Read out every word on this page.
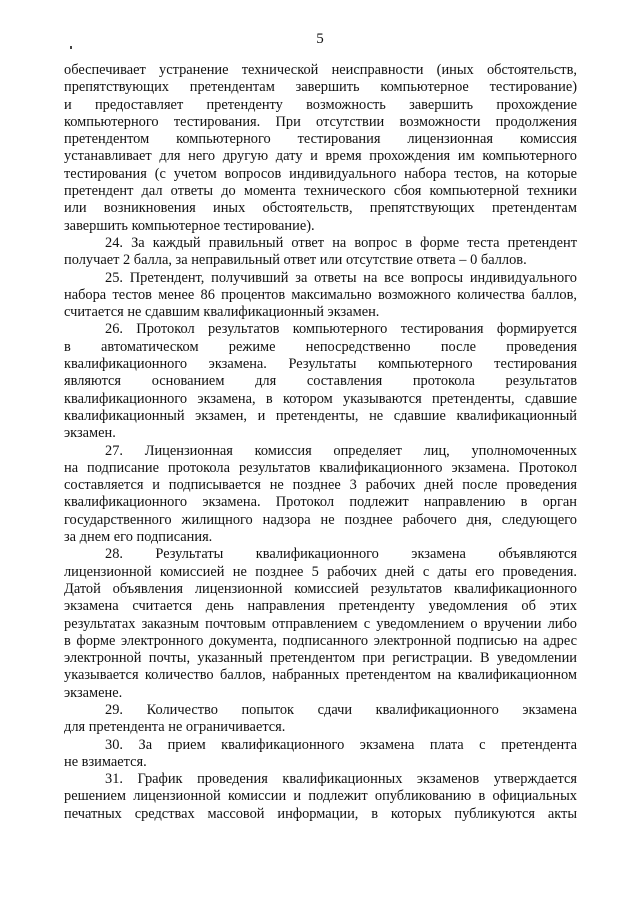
5
обеспечивает устранение технической неисправности (иных обстоятельств,
препятствующих претендентам завершить компьютерное тестирование)
и предоставляет претенденту возможность завершить прохождение
компьютерного тестирования. При отсутствии возможности продолжения
претендентом компьютерного тестирования лицензионная комиссия
устанавливает для него другую дату и время прохождения им компьютерного
тестирования (с учетом вопросов индивидуального набора тестов, на которые
претендент дал ответы до момента технического сбоя компьютерной техники
или возникновения иных обстоятельств, препятствующих претендентам
завершить компьютерное тестирование).
24. За каждый правильный ответ на вопрос в форме теста претендент
получает 2 балла, за неправильный ответ или отсутствие ответа – 0 баллов.
25. Претендент, получивший за ответы на все вопросы индивидуального
набора тестов менее 86 процентов максимально возможного количества баллов,
считается не сдавшим квалификационный экзамен.
26. Протокол результатов компьютерного тестирования формируется
в автоматическом режиме непосредственно после проведения
квалификационного экзамена. Результаты компьютерного тестирования
являются основанием для составления протокола результатов
квалификационного экзамена, в котором указываются претенденты, сдавшие
квалификационный экзамен, и претенденты, не сдавшие квалификационный
экзамен.
27. Лицензионная комиссия определяет лиц, уполномоченных
на подписание протокола результатов квалификационного экзамена. Протокол
составляется и подписывается не позднее 3 рабочих дней после проведения
квалификационного экзамена. Протокол подлежит направлению в орган
государственного жилищного надзора не позднее рабочего дня, следующего
за днем его подписания.
28. Результаты квалификационного экзамена объявляются
лицензионной комиссией не позднее 5 рабочих дней с даты его проведения.
Датой объявления лицензионной комиссией результатов квалификационного
экзамена считается день направления претенденту уведомления об этих
результатах заказным почтовым отправлением с уведомлением о вручении либо
в форме электронного документа, подписанного электронной подписью на адрес
электронной почты, указанный претендентом при регистрации. В уведомлении
указывается количество баллов, набранных претендентом на квалификационном
экзамене.
29. Количество попыток сдачи квалификационного экзамена
для претендента не ограничивается.
30. За прием квалификационного экзамена плата с претендента
не взимается.
31. График проведения квалификационных экзаменов утверждается
решением лицензионной комиссии и подлежит опубликованию в официальных
печатных средствах массовой информации, в которых публикуются акты
